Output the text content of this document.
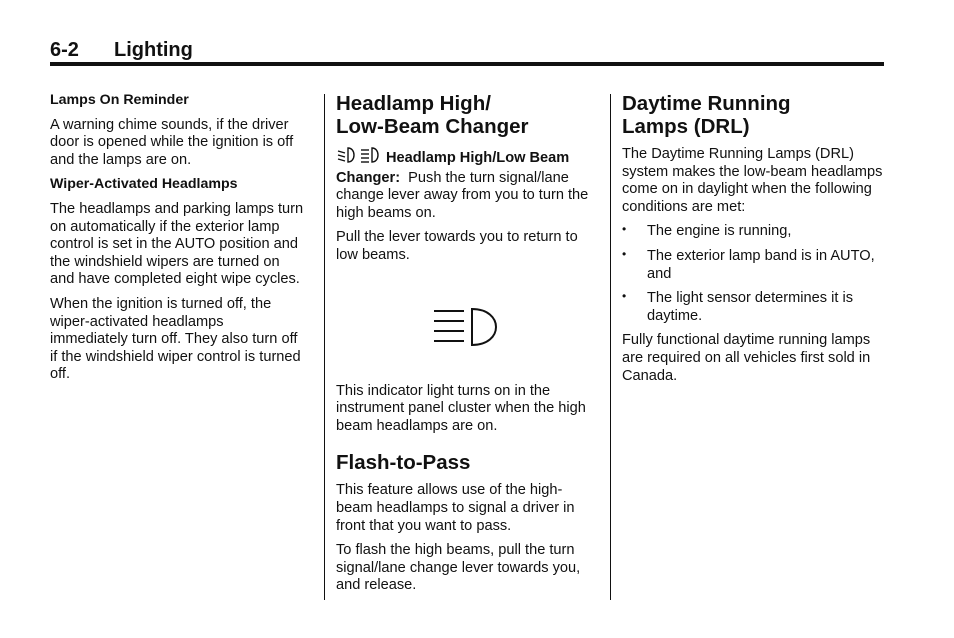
6-2 Lighting
Lamps On Reminder

A warning chime sounds, if the driver door is opened while the ignition is off and the lamps are on.

Wiper-Activated Headlamps

The headlamps and parking lamps turn on automatically if the exterior lamp control is set in the AUTO position and the windshield wipers are turned on and have completed eight wipe cycles.

When the ignition is turned off, the wiper-activated headlamps immediately turn off. They also turn off if the windshield wiper control is turned off.

Headlamp High/
Low-Beam Changer

Headlamp High/Low Beam Changer: Push the turn signal/lane change lever away from you to turn the high beams on.

Pull the lever towards you to return to low beams.

This indicator light turns on in the instrument panel cluster when the high beam headlamps are on.

Flash-to-Pass

This feature allows use of the high-beam headlamps to signal a driver in front that you want to pass.

To flash the high beams, pull the turn signal/lane change lever towards you, and release.

Daytime Running
Lamps (DRL)

The Daytime Running Lamps (DRL) system makes the low-beam headlamps come on in daylight when the following conditions are met:

• The engine is running,
• The exterior lamp band is in AUTO, and
• The light sensor determines it is daytime.

Fully functional daytime running lamps are required on all vehicles first sold in Canada.
